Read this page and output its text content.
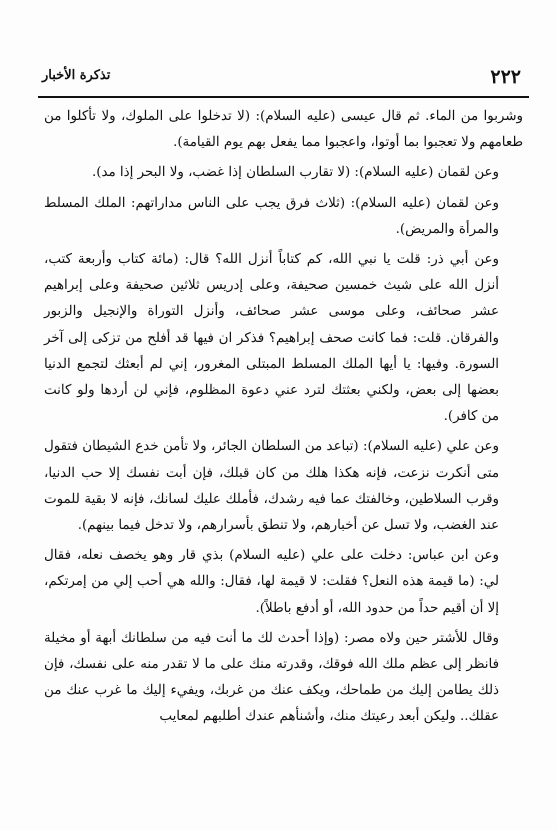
٢٢٢
تذكرة الأخبار

وشربوا من الماء. ثم قال عيسى (عليه السلام): (لا تدخلوا على الملوك، ولا تأكلوا من طعامهم ولا تعجبوا بما أوتوا، واعجبوا مما يفعل بهم يوم القيامة).

وعن لقمان (عليه السلام): (لا تقارب السلطان إذا غضب، ولا البحر إذا مد).

وعن لقمان (عليه السلام): (ثلاث فرق يجب على الناس مداراتهم: الملك المسلط والمرأة والمريض).

وعن أبي ذر: قلت يا نبي الله، كم كتاباً أنزل الله؟ قال: (مائة كتاب وأربعة كتب، أنزل الله على شيث خمسين صحيفة، وعلى إدريس ثلاثين صحيفة وعلى إبراهيم عشر صحائف، وعلى موسى عشر صحائف، وأنزل التوراة والإنجيل والزبور والفرقان. قلت: فما كانت صحف إبراهيم؟ فذكر ان فيها قد أفلح من تزكى إلى آخر السورة. وفيها: يا أيها الملك المسلط المبتلى المغرور، إني لم أبعثك لتجمع الدنيا بعضها إلى بعض، ولكني بعثتك لترد عني دعوة المظلوم، فإني لن أردها ولو كانت من كافر).

وعن علي (عليه السلام): (تباعد من السلطان الجائر، ولا تأمن خدع الشيطان فتقول متى أنكرت نزعت، فإنه هكذا هلك من كان قبلك، فإن أبت نفسك إلا حب الدنيا، وقرب السلاطين، وخالفتك عما فيه رشدك، فأملك عليك لسانك، فإنه لا بقية للموت عند الغضب، ولا تسل عن أخبارهم، ولا تنطق بأسرارهم، ولا تدخل فيما بينهم).

وعن ابن عباس: دخلت على علي (عليه السلام) بذي قار وهو يخصف نعله، فقال لي: (ما قيمة هذه النعل؟ فقلت: لا قيمة لها، فقال: والله هي أحب إلي من إمرتكم، إلا أن أقيم حداً من حدود الله، أو أدفع باطلاً).

وقال للأشتر حين ولاه مصر: (وإذا أحدث لك ما أنت فيه من سلطانك أبهة أو مخيلة فانظر إلى عظم ملك الله فوقك، وقدرته منك على ما لا تقدر منه على نفسك، فإن ذلك يطامن إليك من طماحك، ويكف عنك من غربك، ويفيء إليك ما غرب عنك من عقلك.. وليكن أبعد رعيتك منك، وأشنأهم عندك أطلبهم لمعايب
